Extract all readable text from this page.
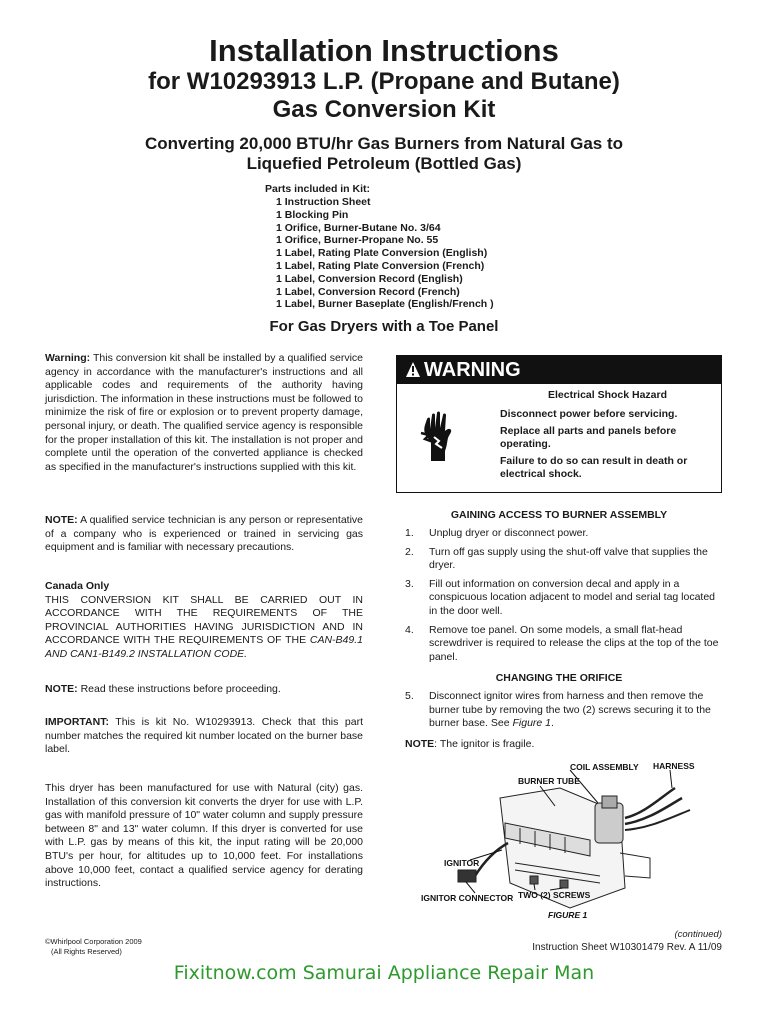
Installation Instructions
for W10293913 L.P. (Propane and Butane)
Gas Conversion Kit
Converting 20,000 BTU/hr Gas Burners from Natural Gas to
Liquefied Petroleum (Bottled Gas)
Parts included in Kit:
1 Instruction Sheet
1 Blocking Pin
1 Orifice, Burner-Butane No. 3/64
1 Orifice, Burner-Propane No. 55
1 Label, Rating Plate Conversion (English)
1 Label, Rating Plate Conversion (French)
1 Label, Conversion Record (English)
1 Label, Conversion Record (French)
1 Label, Burner Baseplate (English/French )
For Gas Dryers with a Toe Panel

Warning: This conversion kit shall be installed by a qualified service agency in accordance with the manufacturer's instructions and all applicable codes and requirements of the authority having jurisdiction. The information in these instructions must be followed to minimize the risk of fire or explosion or to prevent property damage, personal injury, or death. The qualified service agency is responsible for the proper installation of this kit. The installation is not proper and complete until the operation of the converted appliance is checked as specified in the manufacturer's instructions supplied with this kit.

NOTE: A qualified service technician is any person or representative of a company who is experienced or trained in servicing gas equipment and is familiar with necessary precautions.

Canada Only

THIS CONVERSION KIT SHALL BE CARRIED OUT IN ACCORDANCE WITH THE REQUIREMENTS OF THE PROVINCIAL AUTHORITIES HAVING JURISDICTION AND IN ACCORDANCE WITH THE REQUIREMENTS OF THE CAN-B49.1 AND CAN1-B149.2 INSTALLATION CODE.

NOTE: Read these instructions before proceeding.

IMPORTANT: This is kit No. W10293913. Check that this part number matches the required kit number located on the burner base label.

This dryer has been manufactured for use with Natural (city) gas. Installation of this conversion kit converts the dryer for use with L.P. gas with manifold pressure of 10" water column and supply pressure between 8" and 13" water column. If this dryer is converted for use with L.P. gas by means of this kit, the input rating will be 20,000 BTU's per hour, for altitudes up to 10,000 feet. For installations above 10,000 feet, contact a qualified service agency for derating instructions.

WARNING
Electrical Shock Hazard
Disconnect power before servicing.
Replace all parts and panels before operating.
Failure to do so can result in death or electrical shock.
GAINING ACCESS TO BURNER ASSEMBLY
1. Unplug dryer or disconnect power.
2. Turn off gas supply using the shut-off valve that supplies the dryer.
3. Fill out information on conversion decal and apply in a conspicuous location adjacent to model and serial tag located in the door well.
4. Remove toe panel. On some models, a small flat-head screwdriver is required to release the clips at the top of the toe panel.
CHANGING THE ORIFICE
5. Disconnect ignitor wires from harness and then remove the burner tube by removing the two (2) screws securing it to the burner base. See Figure 1.
NOTE: The ignitor is fragile.
COIL ASSEMBLY HARNESS
BURNER TUBE
IGNITOR
IGNITOR CONNECTOR TWO (2) SCREWS
FIGURE 1
©Whirlpool Corporation 2009
(All Rights Reserved)
(continued)
Instruction Sheet W10301479 Rev. A 11/09
Fixitnow.com Samurai Appliance Repair Man
